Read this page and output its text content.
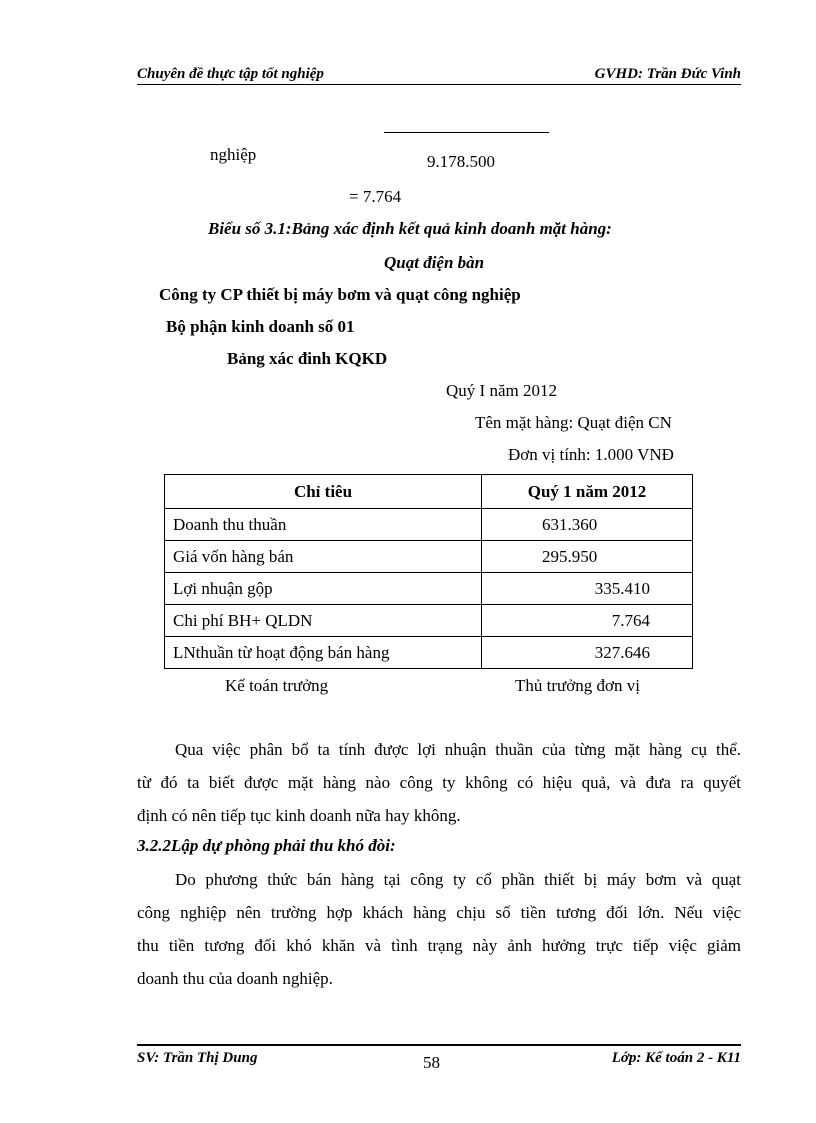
Chuyên đề thực tập tốt nghiệp	GVHD: Trần Đức Vinh
nghiệp	9.178.500
= 7.764
Biểu số 3.1:Bảng xác định kết quả kinh doanh mặt hàng:
Quạt điện bàn
Công ty CP thiết bị máy bơm và quạt công nghiệp
Bộ phận kinh doanh số 01
Bảng xác đinh KQKD
Quý I năm 2012
Tên mặt hàng: Quạt điện CN
Đơn vị tính: 1.000 VNĐ
Chỉ tiêu	Quý 1 năm 2012
Doanh thu thuần	631.360
Giá vốn hàng bán	295.950
Lợi nhuận gộp	335.410
Chi phí BH+ QLDN	7.764
LNthuần từ hoạt động bán hàng	327.646
Kế toán trưởng	Thủ trưởng đơn vị
Qua việc phân bổ ta tính được lợi nhuận thuần của từng mặt hàng cụ thể.
từ đó ta biết được mặt hàng nào công ty không có hiệu quả, và đưa ra quyết
định có nên tiếp tục kinh doanh nữa hay không.
3.2.2Lập dự phòng phải thu khó đòi:
Do phương thức bán hàng tại công ty cổ phần thiết bị máy bơm và quạt
công nghiệp nên trường hợp khách hàng chịu số tiền tương đối lớn. Nếu việc
thu tiền tương đối khó khăn và tình trạng này ảnh hưởng trực tiếp việc giảm
doanh thu của doanh nghiệp.
SV: Trần Thị Dung	58	Lớp: Kế toán 2 - K11
